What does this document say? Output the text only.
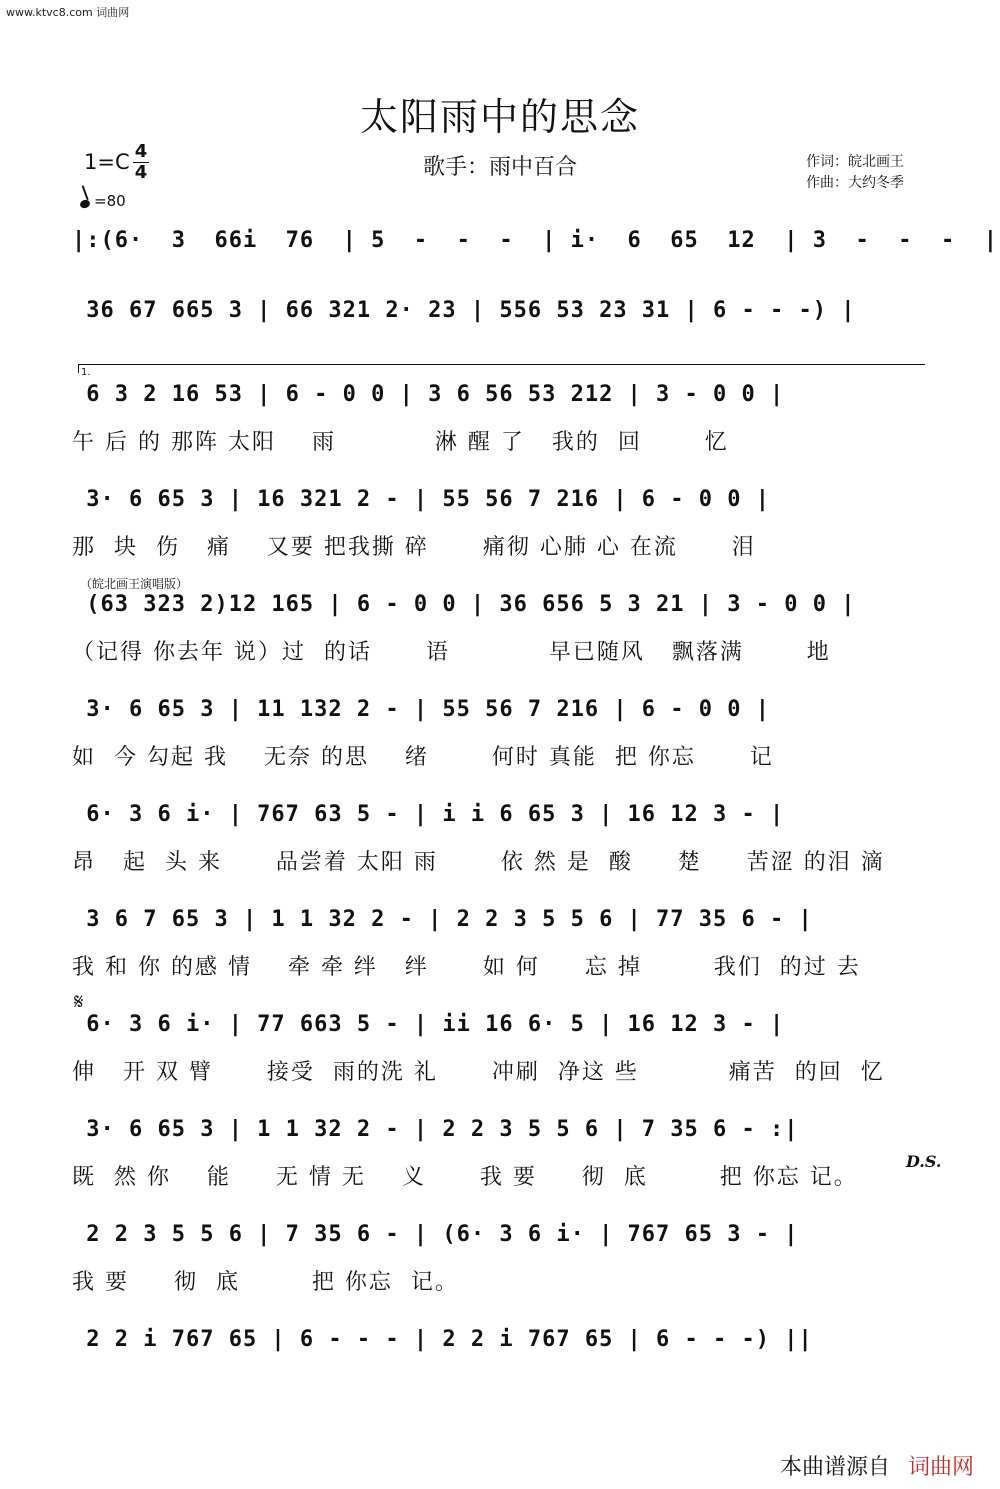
www.ktvc8.com 词曲网
太阳雨中的思念
1=C 4
4
=80
歌手：雨中百合	作词：皖北画王
作曲：大约冬季
1.
（皖北画王演唱版）
𝄋
D.S.
|:(6·  3  66i  76  | 5  -  -  -  | i·  6  65  12  | 3  -  -  -  |
36 67 665 3 | 66 321 2· 23 | 556 53 23 31 | 6 - - -) |
6 3 2 16 53 | 6 - 0 0 | 3 6 56 53 212 | 3 - 0 0 |
午 后 的 那阵 太阳    雨           淋 醒 了   我的  回       忆
3· 6 65 3 | 16 321 2 - | 55 56 7 216 | 6 - 0 0 |
那  块  伤   痛    又要 把我撕 碎      痛彻 心肺 心 在流      泪
(63 323 2)12 165 | 6 - 0 0 | 36 656 5 3 21 | 3 - 0 0 |
（记得 你去年 说）过  的话      语           早已随风   飘落满       地
3· 6 65 3 | 11 132 2 - | 55 56 7 216 | 6 - 0 0 |
如  今 勾起 我    无奈 的思    绪       何时 真能  把 你忘      记
6· 3 6 i· | 767 63 5 - | i i 6 65 3 | 16 12 3 - |
昂   起  头 来      品尝着 太阳 雨       依 然 是  酸     楚     苦涩 的泪 滴
3 6 7 65 3 | 1 1 32 2 - | 2 2 3 5 5 6 | 77 35 6 - |
我 和 你 的感 情    牵 牵 绊   绊      如 何     忘 掉        我们  的过 去
6· 3 6 i· | 77 663 5 - | ii 16 6· 5 | 16 12 3 - |
伸   开 双 臂      接受  雨的洗 礼      冲刷  净这 些          痛苦  的回  忆
3· 6 65 3 | 1 1 32 2 - | 2 2 3 5 5 6 | 7 35 6 - :|
既  然 你    能     无 情 无    义      我 要     彻  底        把 你忘 记。
2 2 3 5 5 6 | 7 35 6 - | (6· 3 6 i· | 767 65 3 - |
我 要     彻  底        把 你忘  记。
2 2 i 767 65 | 6 - - - | 2 2 i 767 65 | 6 - - -) ||
本曲谱源自 词曲网
